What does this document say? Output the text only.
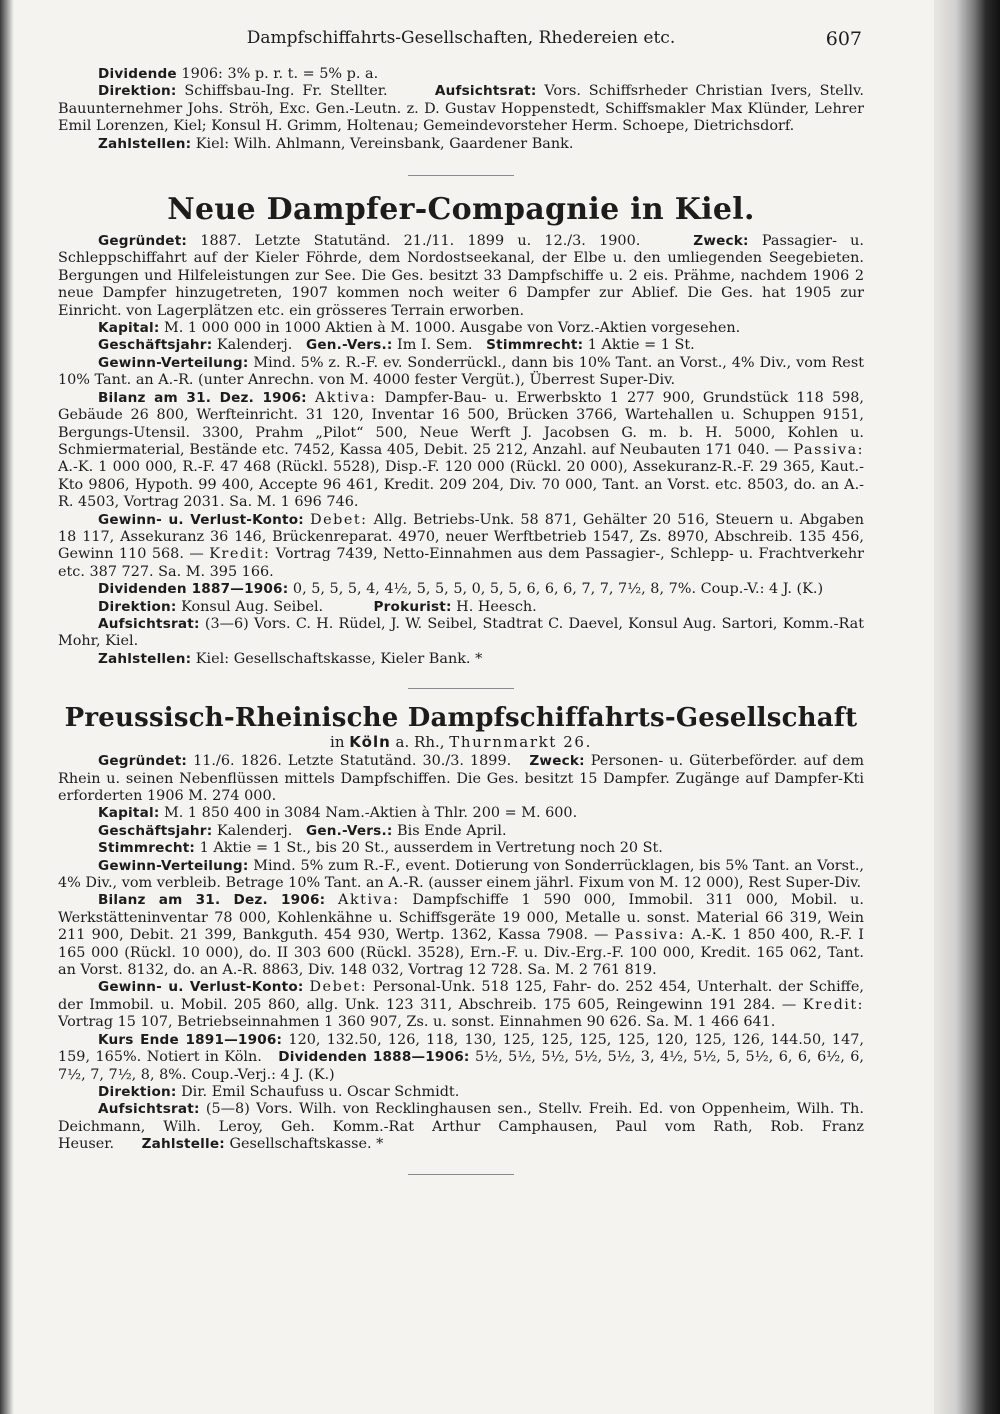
Dampfschiffahrts-Gesellschaften, Rhedereien etc.	607

Dividende 1906: 3% p. r. t. = 5% p. a.

Direktion: Schiffsbau-Ing. Fr. Stellter.	Aufsichtsrat: Vors. Schiffsrheder Christian Ivers, Stellv. Bauunternehmer Johs. Ströh, Exc. Gen.-Leutn. z. D. Gustav Hoppenstedt, Schiffsmakler Max Klünder, Lehrer Emil Lorenzen, Kiel; Konsul H. Grimm, Holtenau; Gemeindevorsteher Herm. Schoepe, Dietrichsdorf.

Zahlstellen: Kiel: Wilh. Ahlmann, Vereinsbank, Gaardener Bank.

Neue Dampfer-Compagnie in Kiel.

Gegründet: 1887. Letzte Statutänd. 21./11. 1899 u. 12./3. 1900.	Zweck: Passagier- u. Schleppschiffahrt auf der Kieler Föhrde, dem Nordostseekanal, der Elbe u. den umliegenden Seegebieten. Bergungen und Hilfeleistungen zur See. Die Ges. besitzt 33 Dampfschiffe u. 2 eis. Prähme, nachdem 1906 2 neue Dampfer hinzugetreten, 1907 kommen noch weiter 6 Dampfer zur Ablief. Die Ges. hat 1905 zur Einricht. von Lagerplätzen etc. ein grösseres Terrain erworben.

Kapital: M. 1 000 000 in 1000 Aktien à M. 1000. Ausgabe von Vorz.-Aktien vorgesehen.

Geschäftsjahr: Kalenderj. Gen.-Vers.: Im I. Sem. Stimmrecht: 1 Aktie = 1 St.

Gewinn-Verteilung: Mind. 5% z. R.-F. ev. Sonderrückl., dann bis 10% Tant. an Vorst., 4% Div., vom Rest 10% Tant. an A.-R. (unter Anrechn. von M. 4000 fester Vergüt.), Überrest Super-Div.

Bilanz am 31. Dez. 1906: Aktiva: Dampfer-Bau- u. Erwerbskto 1 277 900, Grundstück 118 598, Gebäude 26 800, Werfteinricht. 31 120, Inventar 16 500, Brücken 3766, Wartehallen u. Schuppen 9151, Bergungs-Utensil. 3300, Prahm „Pilot“ 500, Neue Werft J. Jacobsen G. m. b. H. 5000, Kohlen u. Schmiermaterial, Bestände etc. 7452, Kassa 405, Debit. 25 212, Anzahl. auf Neubauten 171 040. — Passiva: A.-K. 1 000 000, R.-F. 47 468 (Rückl. 5528), Disp.-F. 120 000 (Rückl. 20 000), Assekuranz-R.-F. 29 365, Kaut.-Kto 9806, Hypoth. 99 400, Accepte 96 461, Kredit. 209 204, Div. 70 000, Tant. an Vorst. etc. 8503, do. an A.-R. 4503, Vortrag 2031. Sa. M. 1 696 746.

Gewinn- u. Verlust-Konto: Debet: Allg. Betriebs-Unk. 58 871, Gehälter 20 516, Steuern u. Abgaben 18 117, Assekuranz 36 146, Brückenreparat. 4970, neuer Werftbetrieb 1547, Zs. 8970, Abschreib. 135 456, Gewinn 110 568. — Kredit: Vortrag 7439, Netto-Einnahmen aus dem Passagier-, Schlepp- u. Frachtverkehr etc. 387 727. Sa. M. 395 166.

Dividenden 1887—1906: 0, 5, 5, 5, 4, 4½, 5, 5, 5, 0, 5, 5, 6, 6, 6, 7, 7, 7½, 8, 7%. Coup.-V.: 4 J. (K.)

Direktion: Konsul Aug. Seibel.	Prokurist: H. Heesch.

Aufsichtsrat: (3—6) Vors. C. H. Rüdel, J. W. Seibel, Stadtrat C. Daevel, Konsul Aug. Sartori, Komm.-Rat Mohr, Kiel.

Zahlstellen: Kiel: Gesellschaftskasse, Kieler Bank. *

Preussisch-Rheinische Dampfschiffahrts-Gesellschaft

in Köln a. Rh., Thurnmarkt 26.

Gegründet: 11./6. 1826. Letzte Statutänd. 30./3. 1899. Zweck: Personen- u. Güterbeförder. auf dem Rhein u. seinen Nebenflüssen mittels Dampfschiffen. Die Ges. besitzt 15 Dampfer. Zugänge auf Dampfer-Kti erforderten 1906 M. 274 000.

Kapital: M. 1 850 400 in 3084 Nam.-Aktien à Thlr. 200 = M. 600.

Geschäftsjahr: Kalenderj. Gen.-Vers.: Bis Ende April.

Stimmrecht: 1 Aktie = 1 St., bis 20 St., ausserdem in Vertretung noch 20 St.

Gewinn-Verteilung: Mind. 5% zum R.-F., event. Dotierung von Sonderrücklagen, bis 5% Tant. an Vorst., 4% Div., vom verbleib. Betrage 10% Tant. an A.-R. (ausser einem jährl. Fixum von M. 12 000), Rest Super-Div.

Bilanz am 31. Dez. 1906: Aktiva: Dampfschiffe 1 590 000, Immobil. 311 000, Mobil. u. Werkstätteninventar 78 000, Kohlenkähne u. Schiffsgeräte 19 000, Metalle u. sonst. Material 66 319, Wein 211 900, Debit. 21 399, Bankguth. 454 930, Wertp. 1362, Kassa 7908. — Passiva: A.-K. 1 850 400, R.-F. I 165 000 (Rückl. 10 000), do. II 303 600 (Rückl. 3528), Ern.-F. u. Div.-Erg.-F. 100 000, Kredit. 165 062, Tant. an Vorst. 8132, do. an A.-R. 8863, Div. 148 032, Vortrag 12 728. Sa. M. 2 761 819.

Gewinn- u. Verlust-Konto: Debet: Personal-Unk. 518 125, Fahr- do. 252 454, Unterhalt. der Schiffe, der Immobil. u. Mobil. 205 860, allg. Unk. 123 311, Abschreib. 175 605, Reingewinn 191 284. — Kredit: Vortrag 15 107, Betriebseinnahmen 1 360 907, Zs. u. sonst. Einnahmen 90 626. Sa. M. 1 466 641.

Kurs Ende 1891—1906: 120, 132.50, 126, 118, 130, 125, 125, 125, 125, 120, 125, 126, 144.50, 147, 159, 165%. Notiert in Köln. Dividenden 1888—1906: 5½, 5½, 5½, 5½, 5½, 3, 4½, 5½, 5, 5½, 6, 6, 6½, 6, 7½, 7, 7½, 8, 8%. Coup.-Verj.: 4 J. (K.)

Direktion: Dir. Emil Schaufuss u. Oscar Schmidt.

Aufsichtsrat: (5—8) Vors. Wilh. von Recklinghausen sen., Stellv. Freih. Ed. von Oppenheim, Wilh. Th. Deichmann, Wilh. Leroy, Geh. Komm.-Rat Arthur Camphausen, Paul vom Rath, Rob. Franz Heuser. Zahlstelle: Gesellschaftskasse. *
